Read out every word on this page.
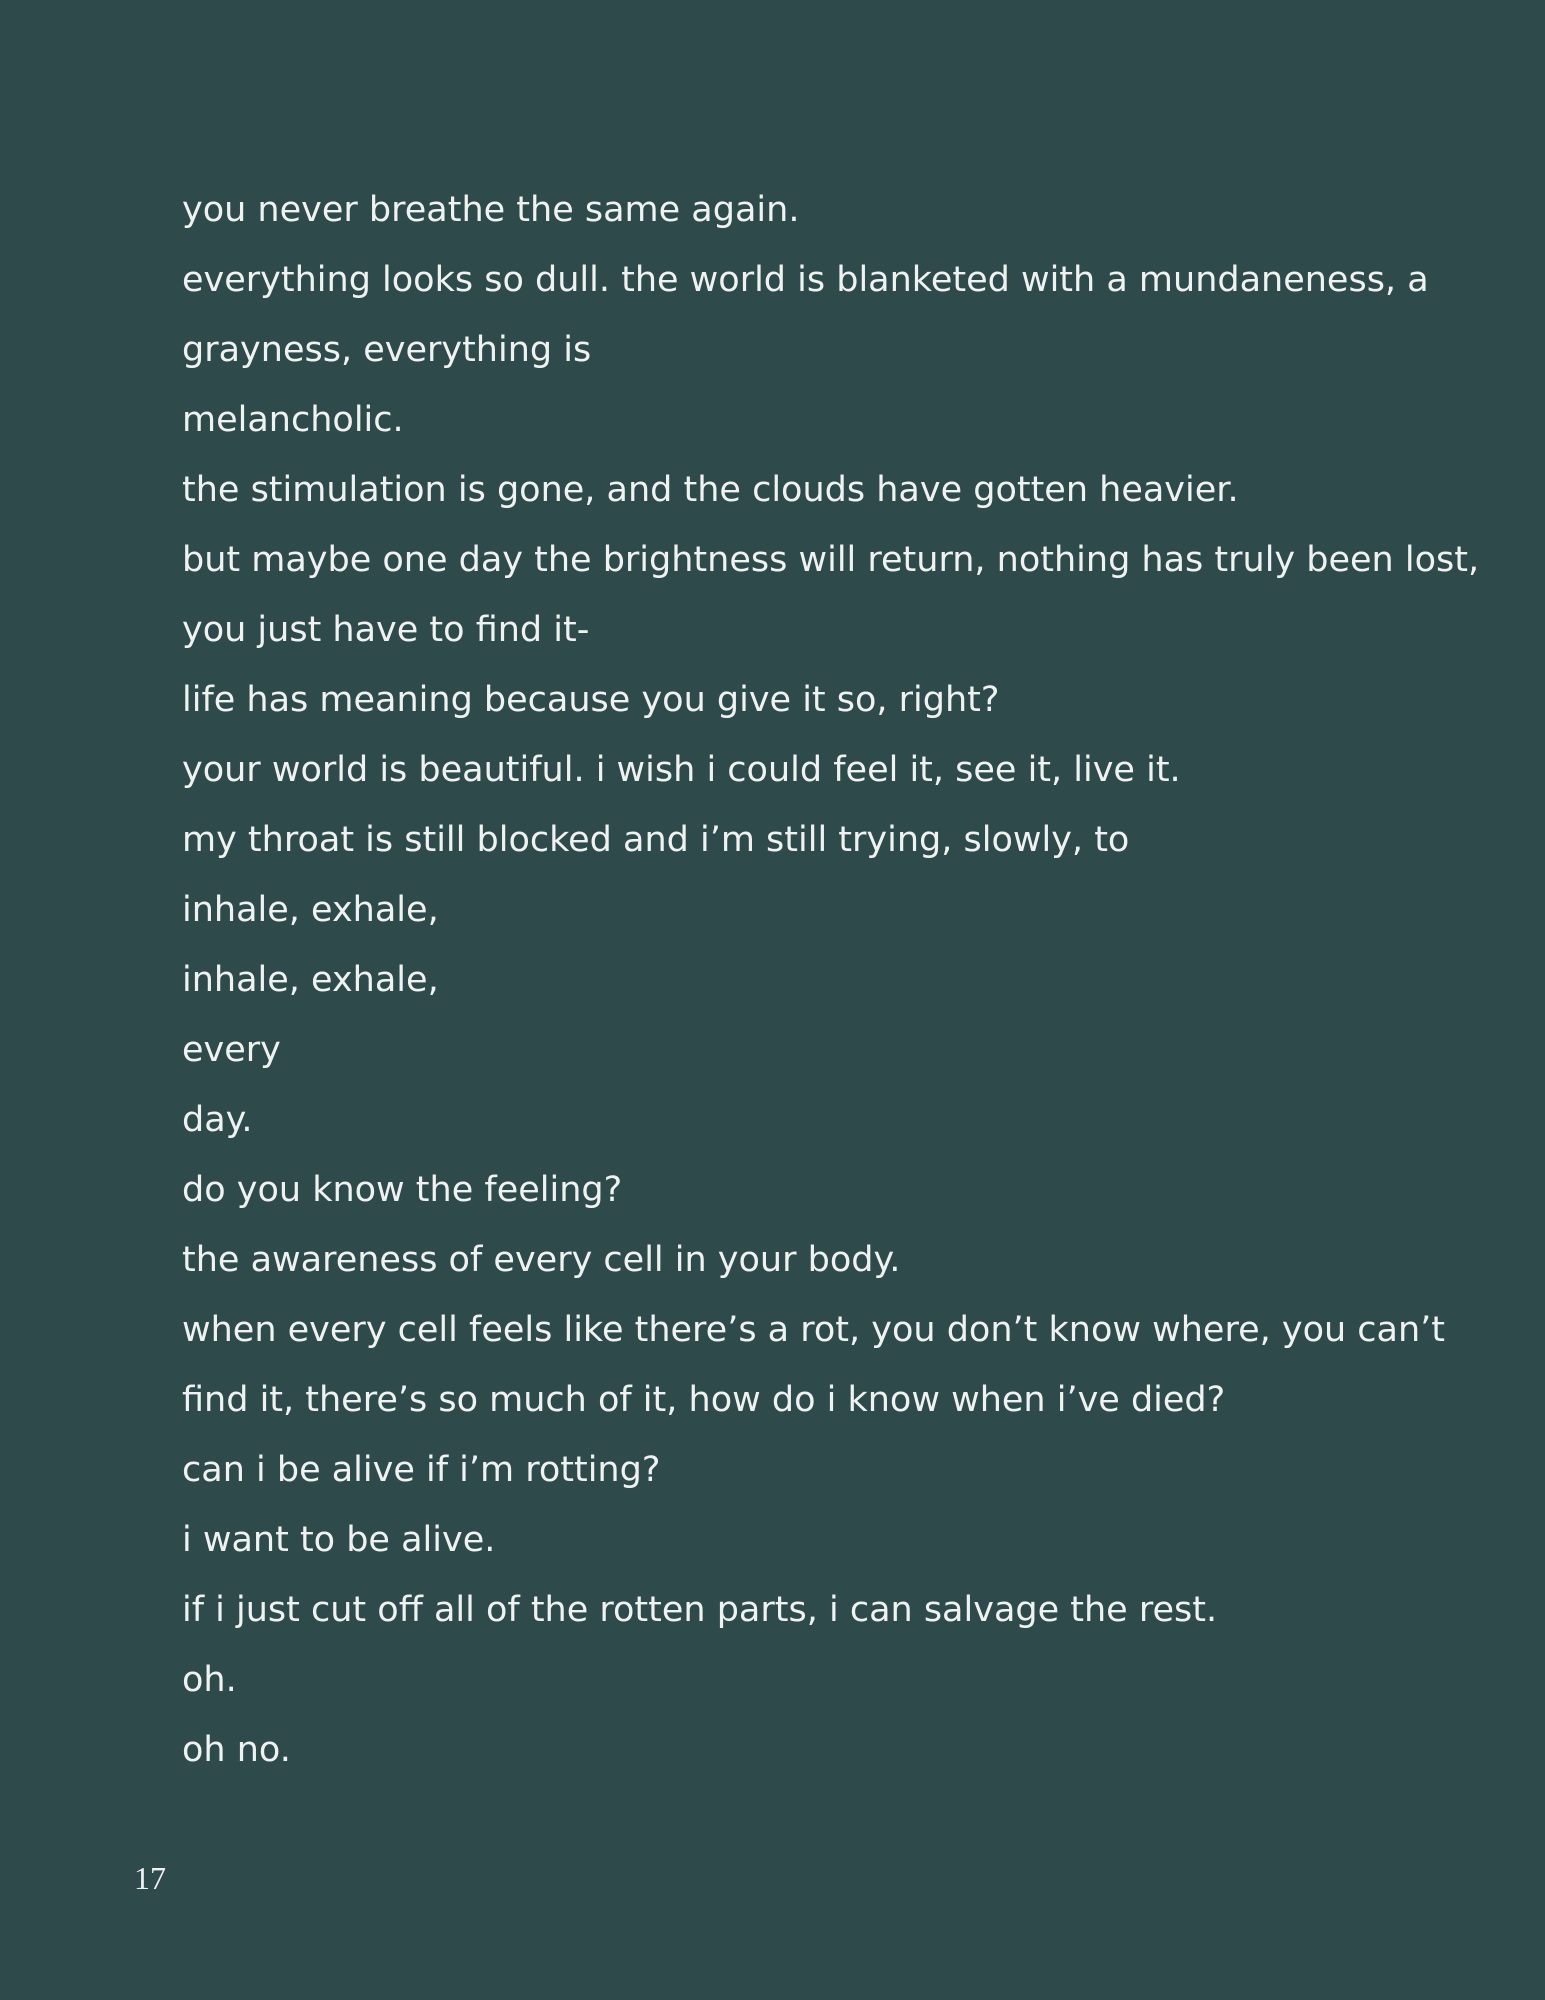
you never breathe the same again.
everything looks so dull. the world is blanketed with a mundaneness, a
grayness, everything is
melancholic.
the stimulation is gone, and the clouds have gotten heavier.
but maybe one day the brightness will return, nothing has truly been lost,
you just have to find it-
life has meaning because you give it so, right?
your world is beautiful. i wish i could feel it, see it, live it.
my throat is still blocked and i’m still trying, slowly, to
inhale, exhale,
inhale, exhale,
every
day.
do you know the feeling?
the awareness of every cell in your body.
when every cell feels like there’s a rot, you don’t know where, you can’t
find it, there’s so much of it, how do i know when i’ve died?
can i be alive if i’m rotting?
i want to be alive.
if i just cut off all of the rotten parts, i can salvage the rest.
oh.
oh no.
17
